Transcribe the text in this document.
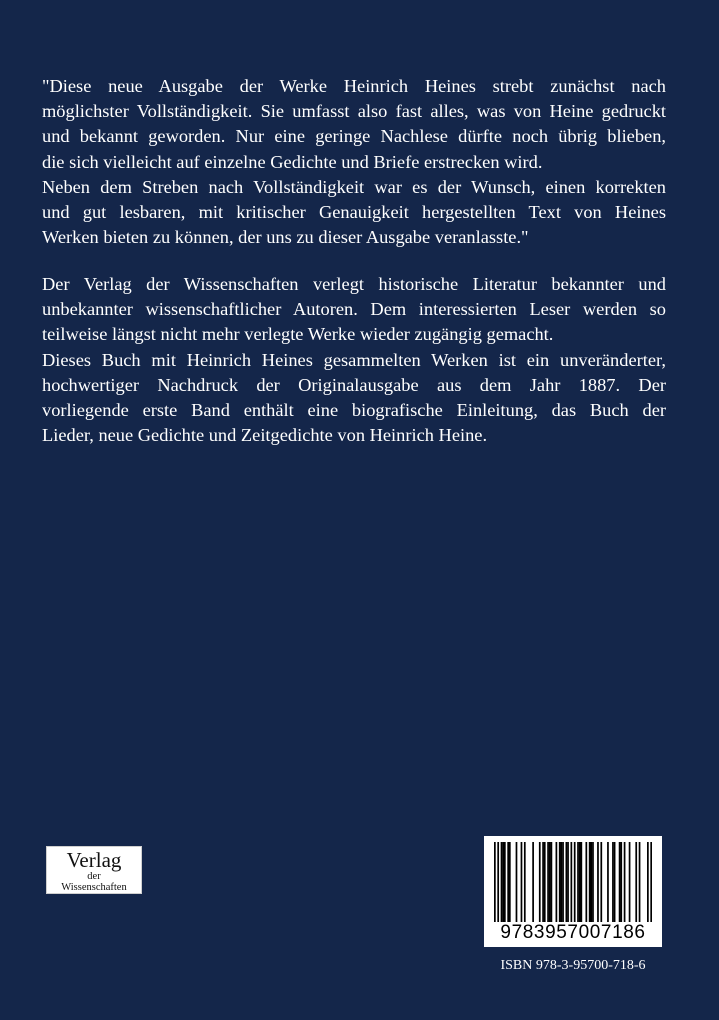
"Diese neue Ausgabe der Werke Heinrich Heines strebt zunächst nach

möglichster Vollständigkeit. Sie umfasst also fast alles, was von Heine gedruckt

und bekannt geworden. Nur eine geringe Nachlese dürfte noch übrig blieben,

die sich vielleicht auf einzelne Gedichte und Briefe erstrecken wird.

Neben dem Streben nach Vollständigkeit war es der Wunsch, einen korrekten

und gut lesbaren, mit kritischer Genauigkeit hergestellten Text von Heines

Werken bieten zu können, der uns zu dieser Ausgabe veranlasste."

Der Verlag der Wissenschaften verlegt historische Literatur bekannter und

unbekannter wissenschaftlicher Autoren. Dem interessierten Leser werden so

teilweise längst nicht mehr verlegte Werke wieder zugängig gemacht.

Dieses Buch mit Heinrich Heines gesammelten Werken ist ein unveränderter,

hochwertiger Nachdruck der Originalausgabe aus dem Jahr 1887. Der

vorliegende erste Band enthält eine biografische Einleitung, das Buch der

Lieder, neue Gedichte und Zeitgedichte von Heinrich Heine.

Verlag
der
Wissenschaften
9783957007186
ISBN 978-3-95700-718-6
